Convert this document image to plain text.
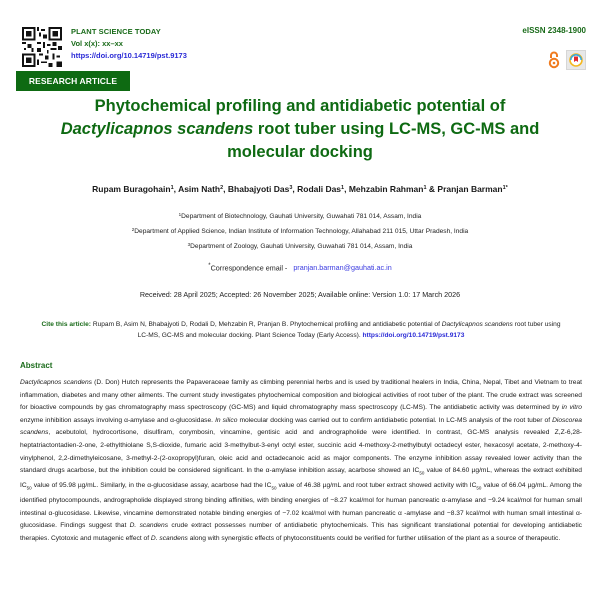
PLANT SCIENCE TODAY
Vol x(x): xx–xx
https://doi.org/10.14719/pst.9173
eISSN 2348-1900
RESEARCH ARTICLE
Phytochemical profiling and antidiabetic potential of
Dactylicapnos scandens root tuber using LC-MS, GC-MS and
molecular docking
Rupam Buragohain$^1$, Asim Nath$^2$, Bhabajyoti Das$^3$, Rodali Das$^1$, Mehzabin Rahman$^1$ & Pranjan Barman$^{1*}$
$^1$Department of Biotechnology, Gauhati University, Guwahati 781 014, Assam, India
$^2$Department of Applied Science, Indian Institute of Information Technology, Allahabad 211 015, Uttar Pradesh, India
$^3$Department of Zoology, Gauhati University, Guwahati 781 014, Assam, India
*Correspondence email - pranjan.barman@gauhati.ac.in
Received: 28 April 2025; Accepted: 26 November 2025; Available online: Version 1.0: 17 March 2026
Cite this article: Rupam B, Asim N, Bhabajyoti D, Rodali D, Mehzabin R, Pranjan B. Phytochemical profiling and antidiabetic potential of Dactylicapnos scandens root tuber using LC-MS, GC-MS and molecular docking. Plant Science Today (Early Access). https://doi.org/10.14719/pst.9173
Abstract

Dactylicapnos scandens (D. Don) Hutch represents the Papaveraceae family as climbing perennial herbs and is used by traditional healers in India, China, Nepal, Tibet and Vietnam to treat inflammation, diabetes and many other ailments. The current study investigates phytochemical composition and biological activities of root tuber of the plant. The crude extract was screened for bioactive compounds by gas chromatography mass spectroscopy (GC-MS) and liquid chromatography mass spectroscopy (LC-MS). The antidiabetic activity was determined by in vitro enzyme inhibition assays involving α-amylase and α-glucosidase. In silico molecular docking was carried out to confirm antidiabetic potential. In LC-MS analysis of the root tuber of Dioscorea scandens, acebutolol, hydrocortisone, disulfiram, corymbosin, vincamine, gentisic acid and andrographolide were identified. In contrast, GC-MS analysis revealed Z,Z-6,28-heptatriactontadien-2-one, 2-ethylthiolane S,S-dioxide, fumaric acid 3-methylbut-3-enyl octyl ester, succinic acid 4-methoxy-2-methylbutyl octadecyl ester, hexacosyl acetate, 2-methoxy-4-vinylphenol, 2,2-dimethyleicosane, 3-methyl-2-(2-oxopropyl)furan, oleic acid and octadecanoic acid as major components. The enzyme inhibition assay revealed lower activity than the standard drugs acarbose, but the inhibition could be considered significant. In the α-amylase inhibition assay, acarbose showed an $IC_{50}$ value of 84.60 µg/mL, whereas the extract exhibited $IC_{50}$ value of 95.98 µg/mL. Similarly, in the α-glucosidase assay, acarbose had the $IC_{50}$ value of 46.38 µg/mL and root tuber extract showed activity with $IC_{50}$ value of 66.04 µg/mL. Among the identified phytocompounds, andrographolide displayed strong binding affinities, with binding energies of −8.27 kcal/mol for human pancreatic α-amylase and −9.24 kcal/mol for human small intestinal α-glucosidase. Likewise, vincamine demonstrated notable binding energies of −7.02 kcal/mol with human pancreatic α -amylase and −8.37 kcal/mol with human small intestinal α-glucosidase. Findings suggest that D. scandens crude extract possesses number of antidiabetic phytochemicals. This has significant translational potential for developing antidiabetic therapies. Cytotoxic and mutagenic effect of D. scandens along with synergistic effects of phytoconstituents could be verified for further utilisation of the plant as a source of therapeutic.
